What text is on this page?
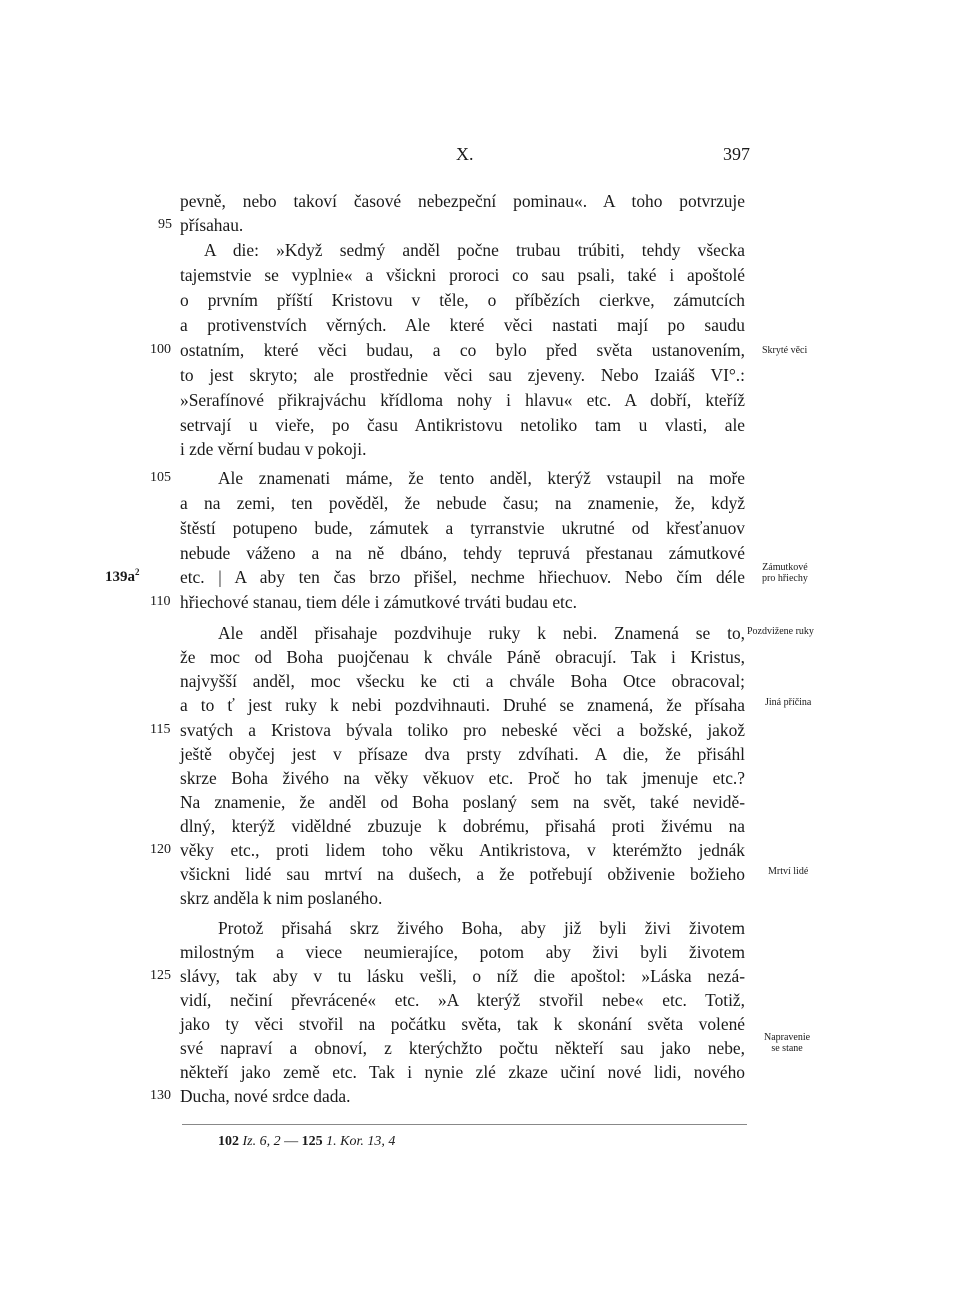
X.	397
pevně, nebo takoví časové nebezpeční pominau«. A toho potvrzuje
přísahau.
A die: »Když sedmý anděl počne trubau trúbiti, tehdy všecka
tajemstvie se vyplnie« a všickni proroci co sau psali, také i apoštolé
o prvním příští Kristovu v těle, o příbězích cierkve, zámutcích
a protivenstvích věrných. Ale které věci nastati mají po saudu
ostatním, které věci budau, a co bylo před světa ustanovením,
to jest skryto; ale prostřednie věci sau zjeveny. Nebo Izaiáš VI°.:
»Serafínové přikrajváchu křídloma nohy i hlavu« etc. A dobří, kteříž
setrvají u vieře, po času Antikristovu netoliko tam u vlasti, ale
i zde věrní budau v pokoji.
Ale znamenati máme, že tento anděl, kterýž vstaupil na moře
a na zemi, ten pověděl, že nebude času; na znamenie, že, když
štěstí potupeno bude, zámutek a tyrranstvie ukrutné od křesťanuov
nebude váženo a na ně dbáno, tehdy tepruvá přestanau zámutkové
etc. | A aby ten čas brzo přišel, nechme hřiechuov. Nebo čím déle
hřiechové stanau, tiem déle i zámutkové trváti budau etc.
Ale anděl přisahaje pozdvihuje ruky k nebi. Znamená se to,
že moc od Boha puojčenau k chvále Páně obracují. Tak i Kristus,
najvyšší anděl, moc všecku ke cti a chvále Boha Otce obracoval;
a to ť jest ruky k nebi pozdvihnauti. Druhé se znamená, že přísaha
svatých a Kristova bývala toliko pro nebeské věci a božské, jakož
ještě obyčej jest v přísaze dva prsty zdvíhati. A die, že přisáhl
skrze Boha živého na věky věkuov etc. Proč ho tak jmenuje etc.?
Na znamenie, že anděl od Boha poslaný sem na svět, také nevidě-
dlný, kterýž viděldné zbuzuje k dobrému, přisahá proti živému na
věky etc., proti lidem toho věku Antikristova, v kterémžto jednák
všickni lidé sau mrtví na dušech, a že potřebují obživenie božieho
skrz anděla k nim poslaného.
Protož přisahá skrz živého Boha, aby již byli živi životem
milostným a viece neumierajíce, potom aby živi byli životem
slávy, tak aby v tu lásku vešli, o níž die apoštol: »Láska nezá-
vidí, nečiní převrácené« etc. »A kterýž stvořil nebe« etc. Totiž,
jako ty věci stvořil na počátku světa, tak k skonání světa volené
své napraví a obnoví, z kterýchžto počtu někteří sau jako nebe,
někteří jako země etc. Tak i nynie zlé zkaze učiní nové lidi, nového
Ducha, nové srdce dada.
95
100
105
110
115
120
125
130
$139a^2$
Skryté věci
Zámutkové
pro hřiechy
Pozdvižene ruky
Jiná příčina
Mrtví lidé
Napravenie
se stane
102 Iz. 6, 2 — 125 1. Kor. 13, 4
